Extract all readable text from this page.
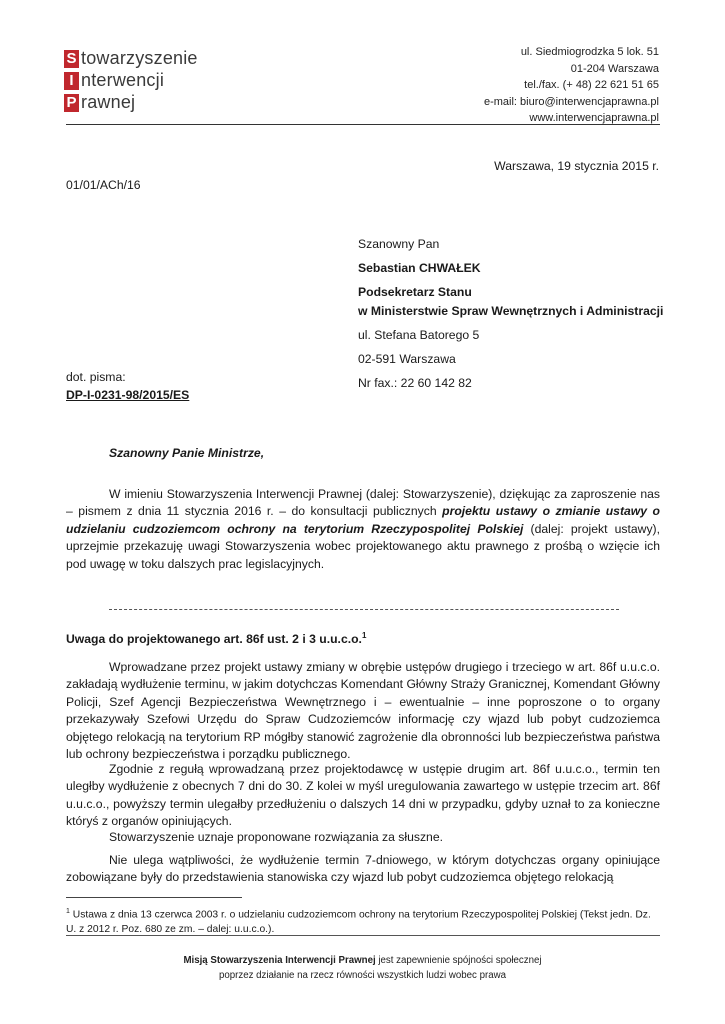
S towarzyszenie
I nterwencji
P rawnej
ul. Siedmiogrodzka 5 lok. 51
01-204 Warszawa
tel./fax. (+ 48) 22 621 51 65
e-mail: biuro@interwencjaprawna.pl
www.interwencjaprawna.pl
Warszawa, 19 stycznia 2015 r.
01/01/ACh/16
Szanowny Pan
Sebastian CHWAŁEK
Podsekretarz Stanu
w Ministerstwie Spraw Wewnętrznych i Administracji
ul. Stefana Batorego 5
02-591 Warszawa
Nr fax.: 22 60 142 82
dot. pisma:
DP-I-0231-98/2015/ES
Szanowny Panie Ministrze,

W imieniu Stowarzyszenia Interwencji Prawnej (dalej: Stowarzyszenie), dziękując za zaproszenie nas – pismem z dnia 11 stycznia 2016 r. – do konsultacji publicznych projektu ustawy o zmianie ustawy o udzielaniu cudzoziemcom ochrony na terytorium Rzeczypospolitej Polskiej (dalej: projekt ustawy), uprzejmie przekazuję uwagi Stowarzyszenia wobec projektowanego aktu prawnego z prośbą o wzięcie ich pod uwagę w toku dalszych prac legislacyjnych.

Uwaga do projektowanego art. 86f ust. 2 i 3 u.u.c.o.$^1$

Wprowadzane przez projekt ustawy zmiany w obrębie ustępów drugiego i trzeciego w art. 86f u.u.c.o. zakładają wydłużenie terminu, w jakim dotychczas Komendant Główny Straży Granicznej, Komendant Główny Policji, Szef Agencji Bezpieczeństwa Wewnętrznego i – ewentualnie – inne poproszone o to organy przekazywały Szefowi Urzędu do Spraw Cudzoziemców informację czy wjazd lub pobyt cudzoziemca objętego relokacją na terytorium RP mógłby stanowić zagrożenie dla obronności lub bezpieczeństwa państwa lub ochrony bezpieczeństwa i porządku publicznego.

Zgodnie z regułą wprowadzaną przez projektodawcę w ustępie drugim art. 86f u.u.c.o., termin ten uległby wydłużenie z obecnych 7 dni do 30. Z kolei w myśl uregulowania zawartego w ustępie trzecim art. 86f u.u.c.o., powyższy termin ulegałby przedłużeniu o dalszych 14 dni w przypadku, gdyby uznał to za konieczne któryś z organów opiniujących.

Stowarzyszenie uznaje proponowane rozwiązania za słuszne.

Nie ulega wątpliwości, że wydłużenie termin 7-dniowego, w którym dotychczas organy opiniujące zobowiązane były do przedstawienia stanowiska czy wjazd lub pobyt cudzoziemca objętego relokacją

$^1$ Ustawa z dnia 13 czerwca 2003 r. o udzielaniu cudzoziemcom ochrony na terytorium Rzeczypospolitej Polskiej (Tekst jedn. Dz. U. z 2012 r. Poz. 680 ze zm. – dalej: u.u.c.o.).
Misją Stowarzyszenia Interwencji Prawnej jest zapewnienie spójności społecznej
poprzez działanie na rzecz równości wszystkich ludzi wobec prawa
